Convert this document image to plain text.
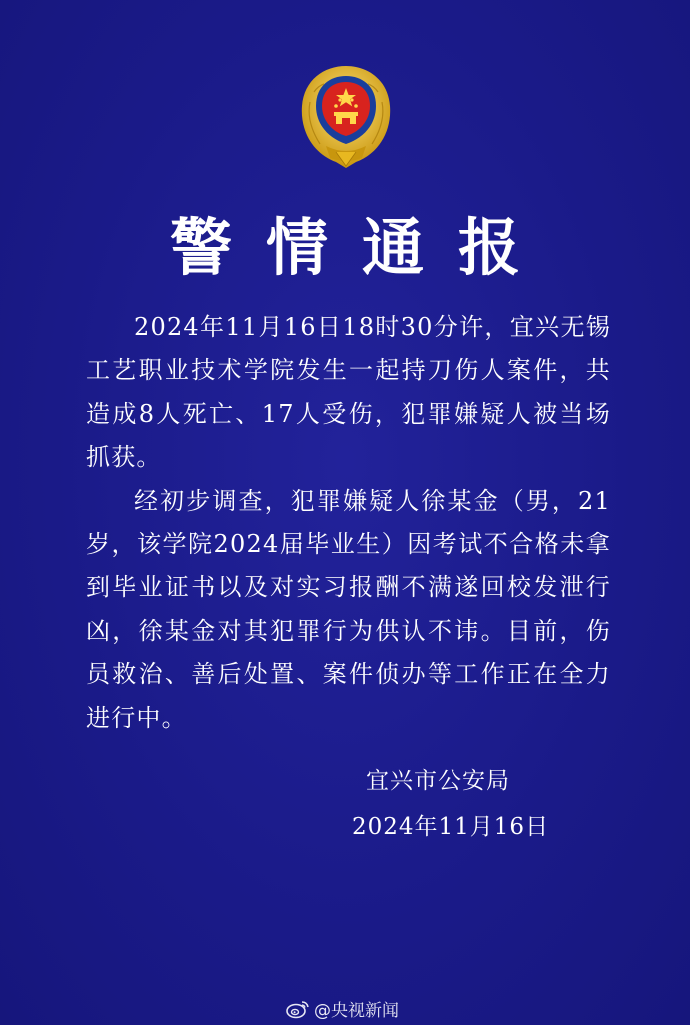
警情通报

2024年11月16日18时30分许，宜兴无锡工艺职业技术学院发生一起持刀伤人案件，共造成8人死亡、17人受伤，犯罪嫌疑人被当场抓获。

经初步调查，犯罪嫌疑人徐某金（男，21岁，该学院2024届毕业生）因考试不合格未拿到毕业证书以及对实习报酬不满遂回校发泄行凶，徐某金对其犯罪行为供认不讳。目前，伤员救治、善后处置、案件侦办等工作正在全力进行中。

宜兴市公安局
2024年11月16日
@央视新闻
